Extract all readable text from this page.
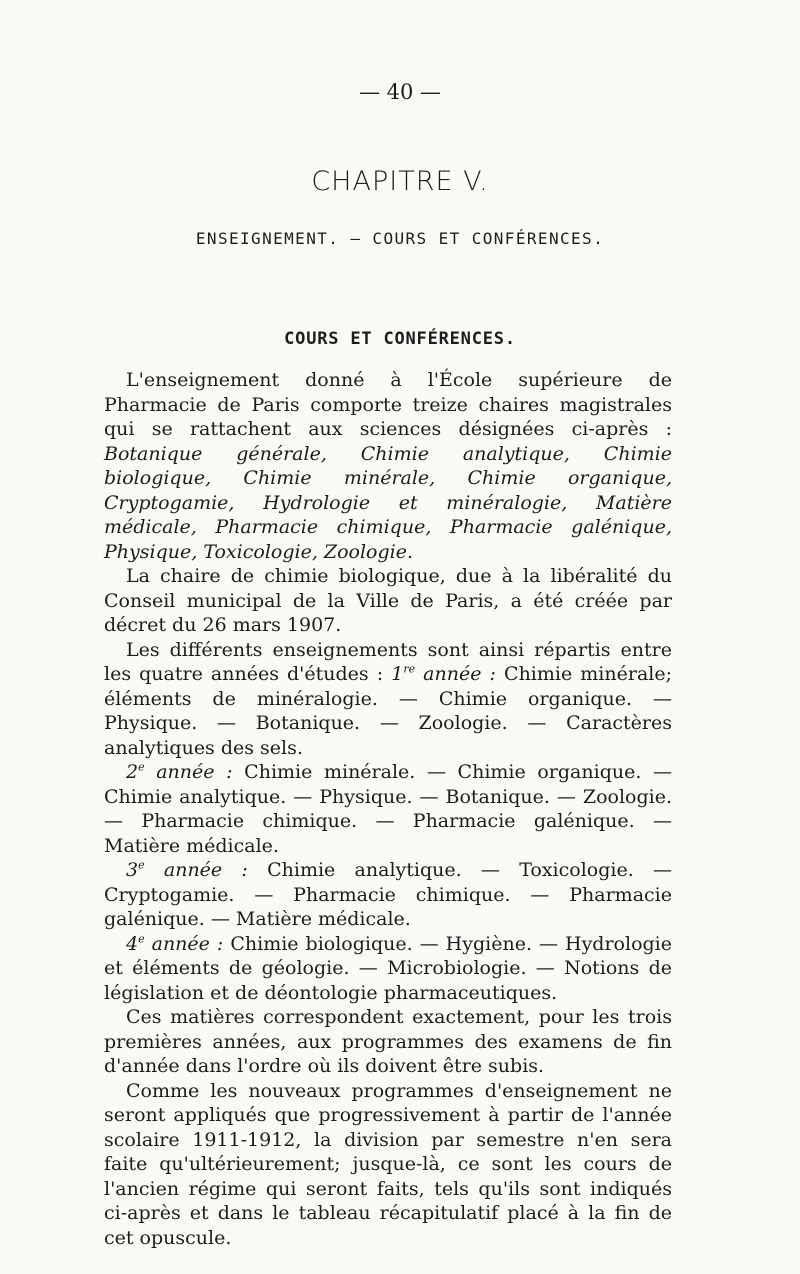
— 40 —
CHAPITRE V.
ENSEIGNEMENT. — COURS ET CONFÉRENCES.
COURS ET CONFÉRENCES.

L'enseignement donné à l'École supérieure de Pharmacie de Paris comporte treize chaires magistrales qui se rattachent aux sciences désignées ci-après : Botanique générale, Chimie analytique, Chimie biologique, Chimie minérale, Chimie organique, Cryptogamie, Hydrologie et minéralogie, Matière médicale, Pharmacie chimique, Pharmacie galénique, Physique, Toxicologie, Zoologie.

La chaire de chimie biologique, due à la libéralité du Conseil municipal de la Ville de Paris, a été créée par décret du 26 mars 1907.

Les différents enseignements sont ainsi répartis entre les quatre années d'études : 1re année : Chimie minérale; éléments de minéralogie. — Chimie organique. — Physique. — Botanique. — Zoologie. — Caractères analytiques des sels.

2e année : Chimie minérale. — Chimie organique. — Chimie analytique. — Physique. — Botanique. — Zoologie. — Pharmacie chimique. — Pharmacie galénique. — Matière médicale.

3e année : Chimie analytique. — Toxicologie. — Cryptogamie. — Pharmacie chimique. — Pharmacie galénique. — Matière médicale.

4e année : Chimie biologique. — Hygiène. — Hydrologie et éléments de géologie. — Microbiologie. — Notions de législation et de déontologie pharmaceutiques.

Ces matières correspondent exactement, pour les trois premières années, aux programmes des examens de fin d'année dans l'ordre où ils doivent être subis.

Comme les nouveaux programmes d'enseignement ne seront appliqués que progressivement à partir de l'année scolaire 1911-1912, la division par semestre n'en sera faite qu'ultérieurement; jusque-là, ce sont les cours de l'ancien régime qui seront faits, tels qu'ils sont indiqués ci-après et dans le tableau récapitulatif placé à la fin de cet opuscule.
